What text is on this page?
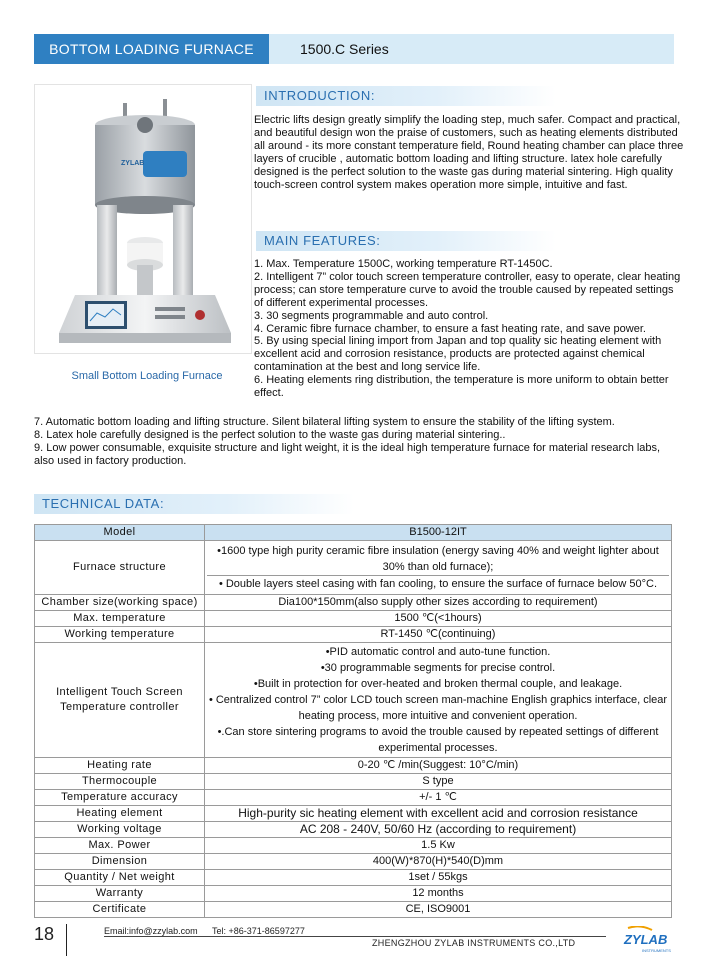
BOTTOM LOADING FURNACE	1500.C Series
ZYLAB
Small Bottom Loading Furnace
INTRODUCTION:
Electric lifts design greatly simplify the loading step, much safer. Compact and practical, and beautiful design won the praise of customers, such as heating elements distributed all around - its more constant temperature field, Round heating chamber can place three layers of crucible , automatic bottom loading and lifting structure. latex hole carefully designed is the perfect solution to the waste gas during material sintering. High quality touch-screen control system makes operation more simple, intuitive and fast.
MAIN FEATURES:
1. Max. Temperature 1500C, working temperature RT-1450C.
2. Intelligent 7” color touch screen temperature controller, easy to operate, clear heating process; can store temperature curve to avoid the trouble caused by repeated settings of different experimental processes.
3. 30 segments programmable and auto control.
4. Ceramic fibre furnace chamber, to ensure a fast heating rate, and save power.
5. By using special lining import from Japan and top quality sic heating element with excellent acid and corrosion resistance, products are protected against chemical contamination at the best and long service life.
6. Heating elements ring distribution, the temperature is more uniform to obtain better effect.
7. Automatic bottom loading and lifting structure. Silent bilateral lifting system to ensure the stability of the lifting system.
8. Latex hole carefully designed is the perfect solution to the waste gas during material sintering..
9. Low power consumable, exquisite structure and light weight, it is the ideal high temperature furnace for material research labs, also used in factory production.
TECHNICAL DATA:
Model	B1500-12IT
Furnace structure	•1600 type high purity ceramic fibre insulation (energy saving 40% and weight lighter about 30% than old furnace);
• Double layers steel casing with fan cooling, to ensure the surface of furnace below 50°C.

Chamber size(working space)	Dia100*150mm(also supply other sizes according to requirement)
Max. temperature	1500 ℃(<1hours)
Working temperature	RT-1450 ℃(continuing)
Intelligent Touch Screen Temperature controller	•PID automatic control and auto-tune function.
•30 programmable segments for precise control.
•Built in protection for over-heated and broken thermal couple, and leakage.
• Centralized control 7” color LCD touch screen man-machine English graphics interface, clear heating process, more intuitive and convenient operation.
•.Can store sintering programs to avoid the trouble caused by repeated settings of different experimental processes.

Heating rate	0-20 ℃ /min(Suggest: 10°C/min)
Thermocouple	S type
Temperature accuracy	+/- 1 ℃
Heating element	High-purity sic heating element with excellent acid and corrosion resistance
Working voltage	AC 208 - 240V, 50/60 Hz (according to requirement)
Max. Power	1.5 Kw
Dimension	400(W)*870(H)*540(D)mm
Quantity / Net weight	1set / 55kgs
Warranty	12 months
Certificate	CE, ISO9001
18	Email:info@zzylab.com Tel: +86-371-86597277
ZHENGZHOU ZYLAB INSTRUMENTS CO.,LTD	ZYLAB
INSTRUMENTS
